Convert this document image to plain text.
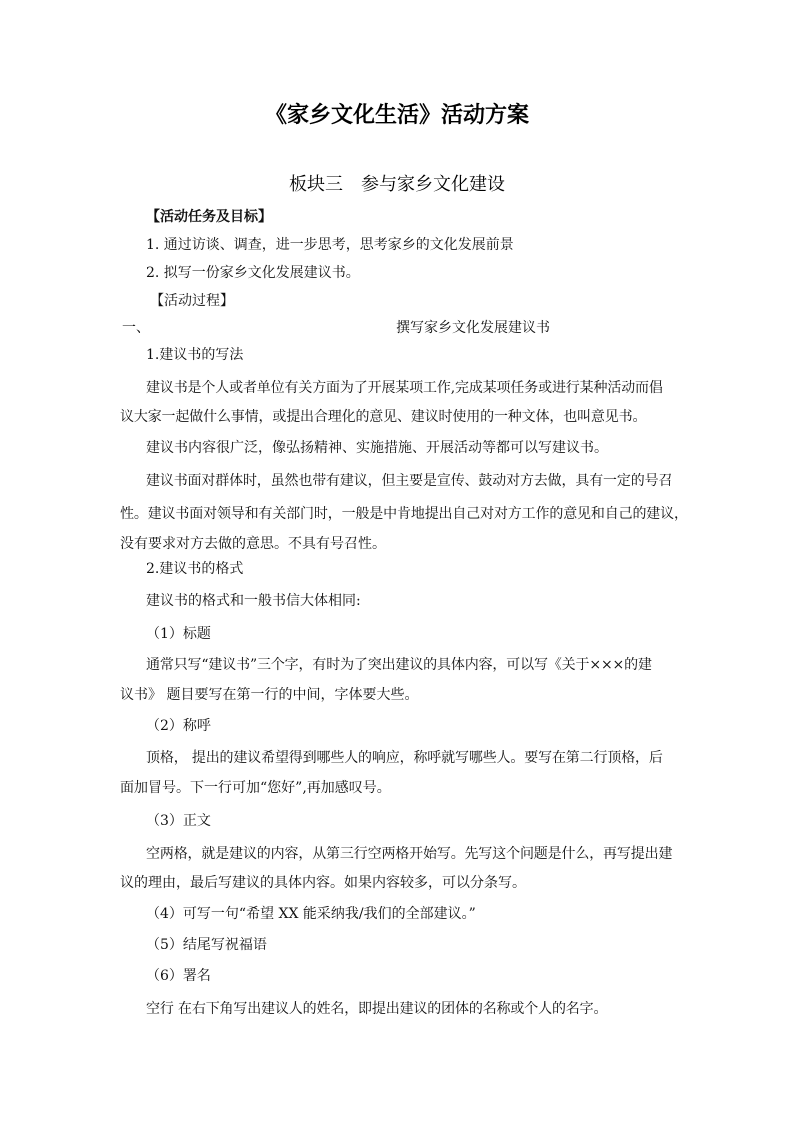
《家乡文化生活》活动方案
板块三　参与家乡文化建设
【活动任务及目标】
1. 通过访谈、调查，进一步思考，思考家乡的文化发展前景
2. 拟写一份家乡文化发展建议书。
【活动过程】
一、	撰写家乡文化发展建议书
1.建议书的写法
建议书是个人或者单位有关方面为了开展某项工作,完成某项任务或进行某种活动而倡
议大家一起做什么事情，或提出合理化的意见、建议时使用的一种文体，也叫意见书。
建议书内容很广泛，像弘扬精神、实施措施、开展活动等都可以写建议书。
建议书面对群体时，虽然也带有建议，但主要是宣传、鼓动对方去做，具有一定的号召
性。建议书面对领导和有关部门时，一般是中肯地提出自己对对方工作的意见和自己的建议，
没有要求对方去做的意思。不具有号召性。
2.建议书的格式
建议书的格式和一般书信大体相同:
（1）标题
通常只写“建议书”三个字，有时为了突出建议的具体内容，可以写《关于×××的建
议书》 题目要写在第一行的中间，字体要大些。
（2）称呼
顶格， 提出的建议希望得到哪些人的响应，称呼就写哪些人。要写在第二行顶格，后
面加冒号。下一行可加“您好”,再加感叹号。
（3）正文
空两格，就是建议的内容，从第三行空两格开始写。先写这个问题是什么，再写提出建
议的理由，最后写建议的具体内容。如果内容较多，可以分条写。
（4）可写一句“希望 XX 能采纳我/我们的全部建议。”
（5）结尾写祝福语
（6）署名
空行 在右下角写出建议人的姓名，即提出建议的团体的名称或个人的名字。
